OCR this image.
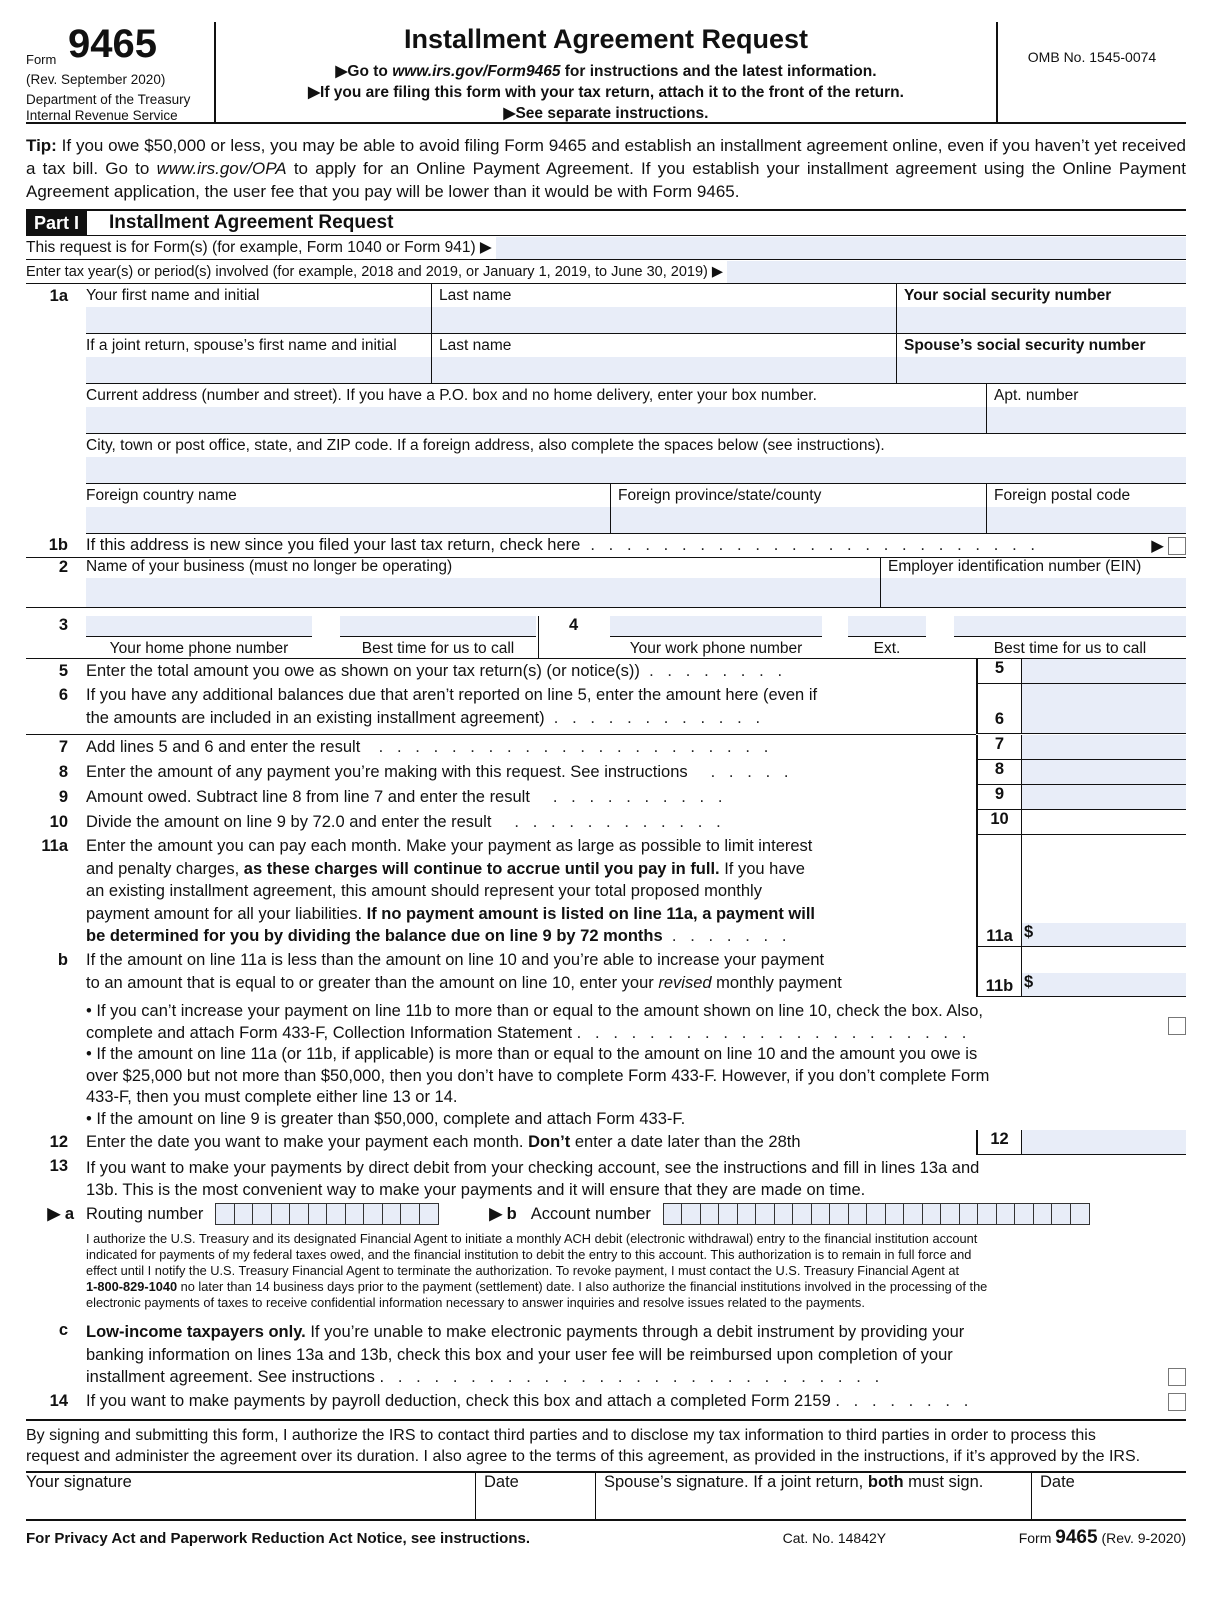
Form 9465
(Rev. September 2020)
Department of the Treasury
Internal Revenue Service
Installment Agreement Request
▶Go to www.irs.gov/Form9465 for instructions and the latest information.
▶If you are filing this form with your tax return, attach it to the front of the return.
▶See separate instructions.
OMB No. 1545-0074
Tip: If you owe $50,000 or less, you may be able to avoid filing Form 9465 and establish an installment agreement online, even if you haven’t yet received a tax bill. Go to www.irs.gov/OPA to apply for an Online Payment Agreement. If you establish your installment agreement using the Online Payment Agreement application, the user fee that you pay will be lower than it would be with Form 9465.
Part I	Installment Agreement Request
This request is for Form(s) (for example, Form 1040 or Form 941) ▶
Enter tax year(s) or period(s) involved (for example, 2018 and 2019, or January 1, 2019, to June 30, 2019) ▶
1a	Your first name and initial	Last name	Your social security number
If a joint return, spouse’s first name and initial	Last name	Spouse’s social security number
Current address (number and street). If you have a P.O. box and no home delivery, enter your box number.	Apt. number
City, town or post office, state, and ZIP code. If a foreign address, also complete the spaces below (see instructions).
Foreign country name	Foreign province/state/county	Foreign postal code
1b	If this address is new since you filed your last tax return, check here .   .   .   .   .   .   .   .   .   .   .   .   .   .   .   .   .   .   .   .   .   .   .   .   .	▶
2	Name of your business (must no longer be operating)	Employer identification number (EIN)
3
Your home phone number	Best time for us to call
4
Your work phone number	Ext.	Best time for us to call
5	Enter the total amount you owe as shown on your tax return(s) (or notice(s))  .   .   .   .   .   .   .   .	5
6	If you have any additional balances due that aren’t reported on line 5, enter the amount here (even if
the amounts are included in an existing installment agreement)  .   .   .   .   .   .   .   .   .   .   .   .	6
7	Add lines 5 and 6 and enter the result    .   .   .   .   .   .   .   .   .   .   .   .   .   .   .   .   .   .   .   .   .   .	7
8	Enter the amount of any payment you’re making with this request. See instructions     .   .   .   .   .	8
9	Amount owed. Subtract line 8 from line 7 and enter the result     .   .   .   .   .   .   .   .   .   .	9
10	Divide the amount on line 9 by 72.0 and enter the result     .   .   .   .   .   .   .   .   .   .   .   .	10
11a	Enter the amount you can pay each month. Make your payment as large as possible to limit interest
and penalty charges, as these charges will continue to accrue until you pay in full. If you have
an existing installment agreement, this amount should represent your total proposed monthly
payment amount for all your liabilities. If no payment amount is listed on line 11a, a payment will
be determined for you by dividing the balance due on line 9 by 72 months  .   .   .   .   .   .   .	11a $
b	If the amount on line 11a is less than the amount on line 10 and you’re able to increase your payment
to an amount that is equal to or greater than the amount on line 10, enter your revised monthly payment	11b $
• If you can’t increase your payment on line 11b to more than or equal to the amount shown on line 10, check the box. Also,
complete and attach Form 433-F, Collection Information Statement .   .   .   .   .   .   .   .   .   .   .   .   .   .   .   .   .   .   .   .   .   .
• If the amount on line 11a (or 11b, if applicable) is more than or equal to the amount on line 10 and the amount you owe is
over $25,000 but not more than $50,000, then you don’t have to complete Form 433-F. However, if you don’t complete Form
433-F, then you must complete either line 13 or 14.
• If the amount on line 9 is greater than $50,000, complete and attach Form 433-F.
12	Enter the date you want to make your payment each month. Don’t enter a date later than the 28th	12
13	If you want to make your payments by direct debit from your checking account, see the instructions and fill in lines 13a and
13b. This is the most convenient way to make your payments and it will ensure that they are made on time.
▶ a Routing number	▶ b Account number
I authorize the U.S. Treasury and its designated Financial Agent to initiate a monthly ACH debit (electronic withdrawal) entry to the financial institution account
indicated for payments of my federal taxes owed, and the financial institution to debit the entry to this account. This authorization is to remain in full force and
effect until I notify the U.S. Treasury Financial Agent to terminate the authorization. To revoke payment, I must contact the U.S. Treasury Financial Agent at
1-800-829-1040 no later than 14 business days prior to the payment (settlement) date. I also authorize the financial institutions involved in the processing of the
electronic payments of taxes to receive confidential information necessary to answer inquiries and resolve issues related to the payments.
c	Low-income taxpayers only. If you’re unable to make electronic payments through a debit instrument by providing your
banking information on lines 13a and 13b, check this box and your user fee will be reimbursed upon completion of your
installment agreement. See instructions .   .   .   .   .   .   .   .   .   .   .   .   .   .   .   .   .   .   .   .   .   .   .   .   .   .   .   .
14	If you want to make payments by payroll deduction, check this box and attach a completed Form 2159 .   .   .   .   .   .   .   .
By signing and submitting this form, I authorize the IRS to contact third parties and to disclose my tax information to third parties in order to process this
request and administer the agreement over its duration. I also agree to the terms of this agreement, as provided in the instructions, if it’s approved by the IRS.
Your signature	Date	Spouse’s signature. If a joint return, both must sign.	Date
For Privacy Act and Paperwork Reduction Act Notice, see instructions.	Cat. No. 14842Y	Form 9465 (Rev. 9-2020)
